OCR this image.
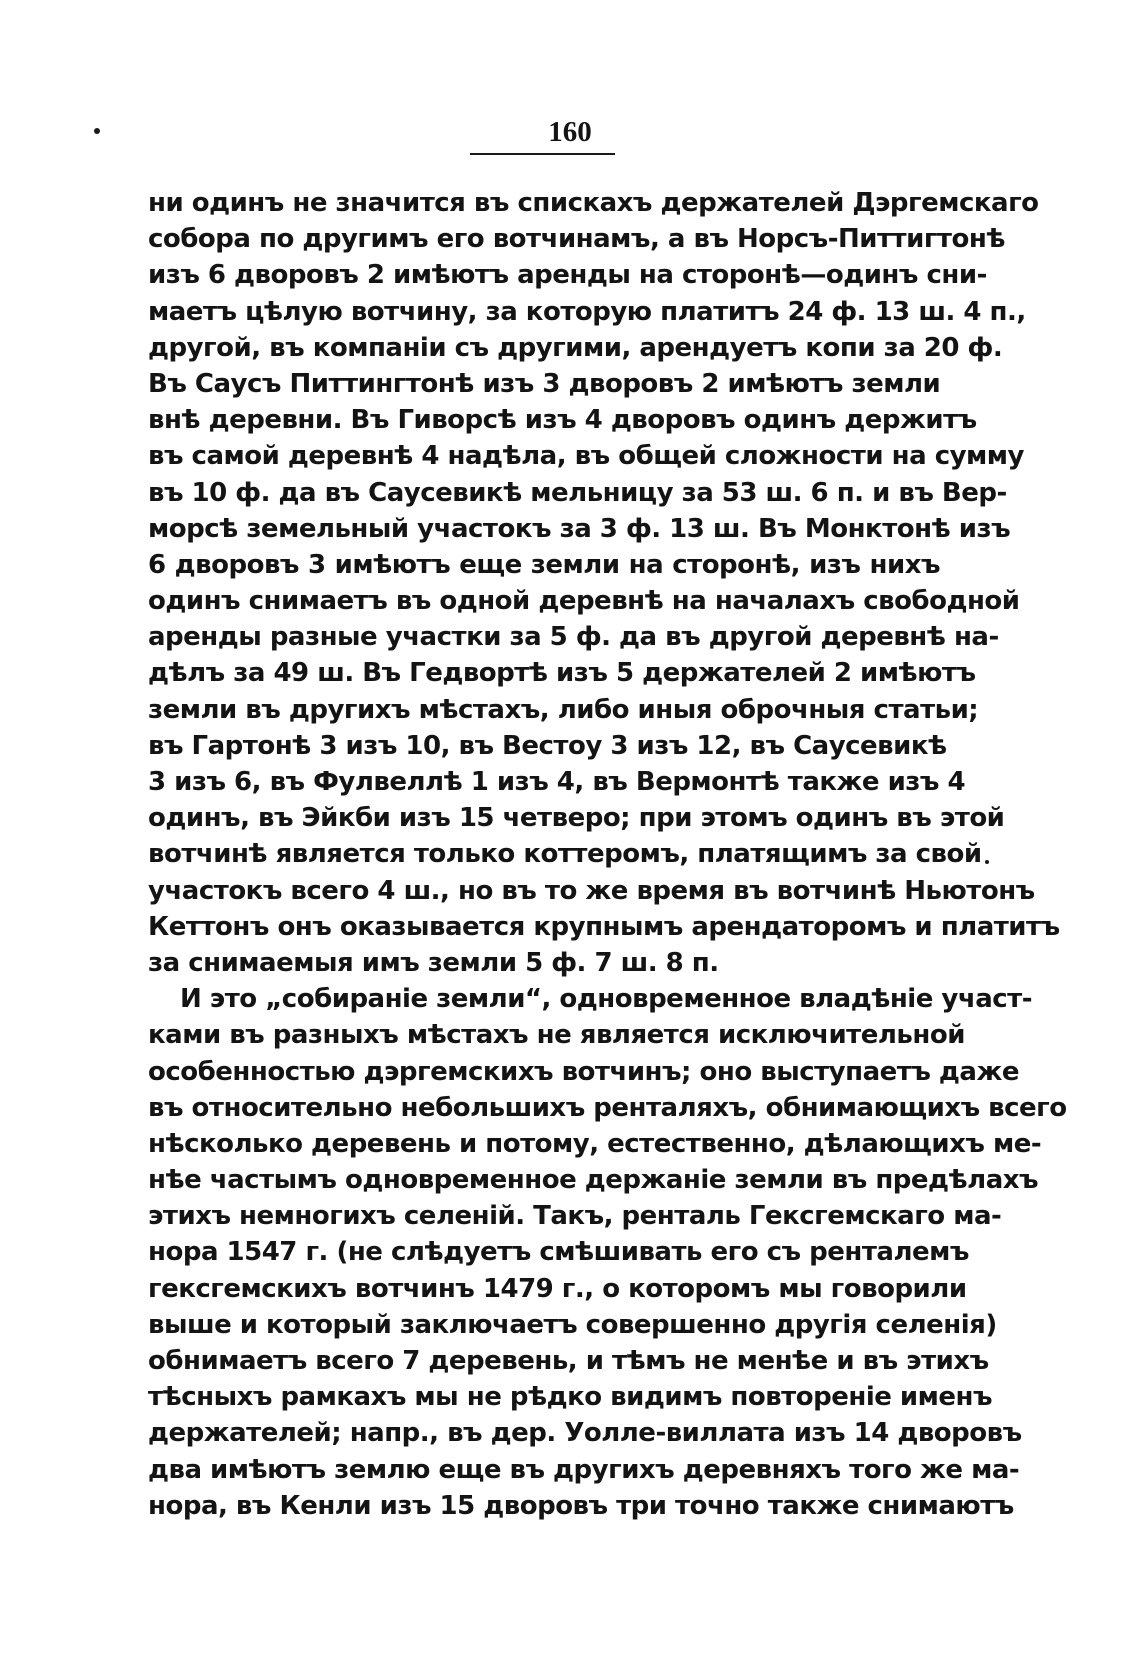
160
ни одинъ не значится въ спискахъ держателей Дэргемскаго
собора по другимъ его вотчинамъ, а въ Норсъ-Питтигтонѣ
изъ 6 дворовъ 2 имѣютъ аренды на сторонѣ—одинъ сни-
маетъ цѣлую вотчину, за которую платитъ 24 ф. 13 ш. 4 п.,
другой, въ компанiи съ другими, арендуетъ копи за 20 ф.
Въ Саусъ Питтингтонѣ изъ 3 дворовъ 2 имѣютъ земли
внѣ деревни. Въ Гиворсѣ изъ 4 дворовъ одинъ держитъ
въ самой деревнѣ 4 надѣла, въ общей сложности на сумму
въ 10 ф. да въ Саусевикѣ мельницу за 53 ш. 6 п. и въ Вер-
морсѣ земельный участокъ за 3 ф. 13 ш. Въ Монктонѣ изъ
6 дворовъ 3 имѣютъ еще земли на сторонѣ, изъ нихъ
одинъ снимаетъ въ одной деревнѣ на началахъ свободной
аренды разные участки за 5 ф. да въ другой деревнѣ на-
дѣлъ за 49 ш. Въ Гедвортѣ изъ 5 держателей 2 имѣютъ
земли въ другихъ мѣстахъ, либо иныя оброчныя статьи;
въ Гартонѣ 3 изъ 10, въ Вестоу 3 изъ 12, въ Саусевикѣ
3 изъ 6, въ Фулвеллѣ 1 изъ 4, въ Вермонтѣ также изъ 4
одинъ, въ Эйкби изъ 15 четверо; при этомъ одинъ въ этой
вотчинѣ является только коттеромъ, платящимъ за свой
участокъ всего 4 ш., но въ то же время въ вотчинѣ Ньютонъ
Кеттонъ онъ оказывается крупнымъ арендаторомъ и платитъ
за снимаемыя имъ земли 5 ф. 7 ш. 8 п.
И это „собиранiе земли“, одновременное владѣнiе участ-
ками въ разныхъ мѣстахъ не является исключительной
особенностью дэргемскихъ вотчинъ; оно выступаетъ даже
въ относительно небольшихъ ренталяхъ, обнимающихъ всего
нѣсколько деревень и потому, естественно, дѣлающихъ ме-
нѣе частымъ одновременное держанiе земли въ предѣлахъ
этихъ немногихъ селенiй. Такъ, ренталь Гексгемскаго ма-
нора 1547 г. (не слѣдуетъ смѣшивать его съ ренталемъ
гексгемскихъ вотчинъ 1479 г., о которомъ мы говорили
выше и который заключаетъ совершенно другiя селенiя)
обнимаетъ всего 7 деревень, и тѣмъ не менѣе и въ этихъ
тѣсныхъ рамкахъ мы не рѣдко видимъ повторенiе именъ
держателей; напр., въ дер. Уолле-виллата изъ 14 дворовъ
два имѣютъ землю еще въ другихъ деревняхъ того же ма-
нора, въ Кенли изъ 15 дворовъ три точно также снимаютъ
